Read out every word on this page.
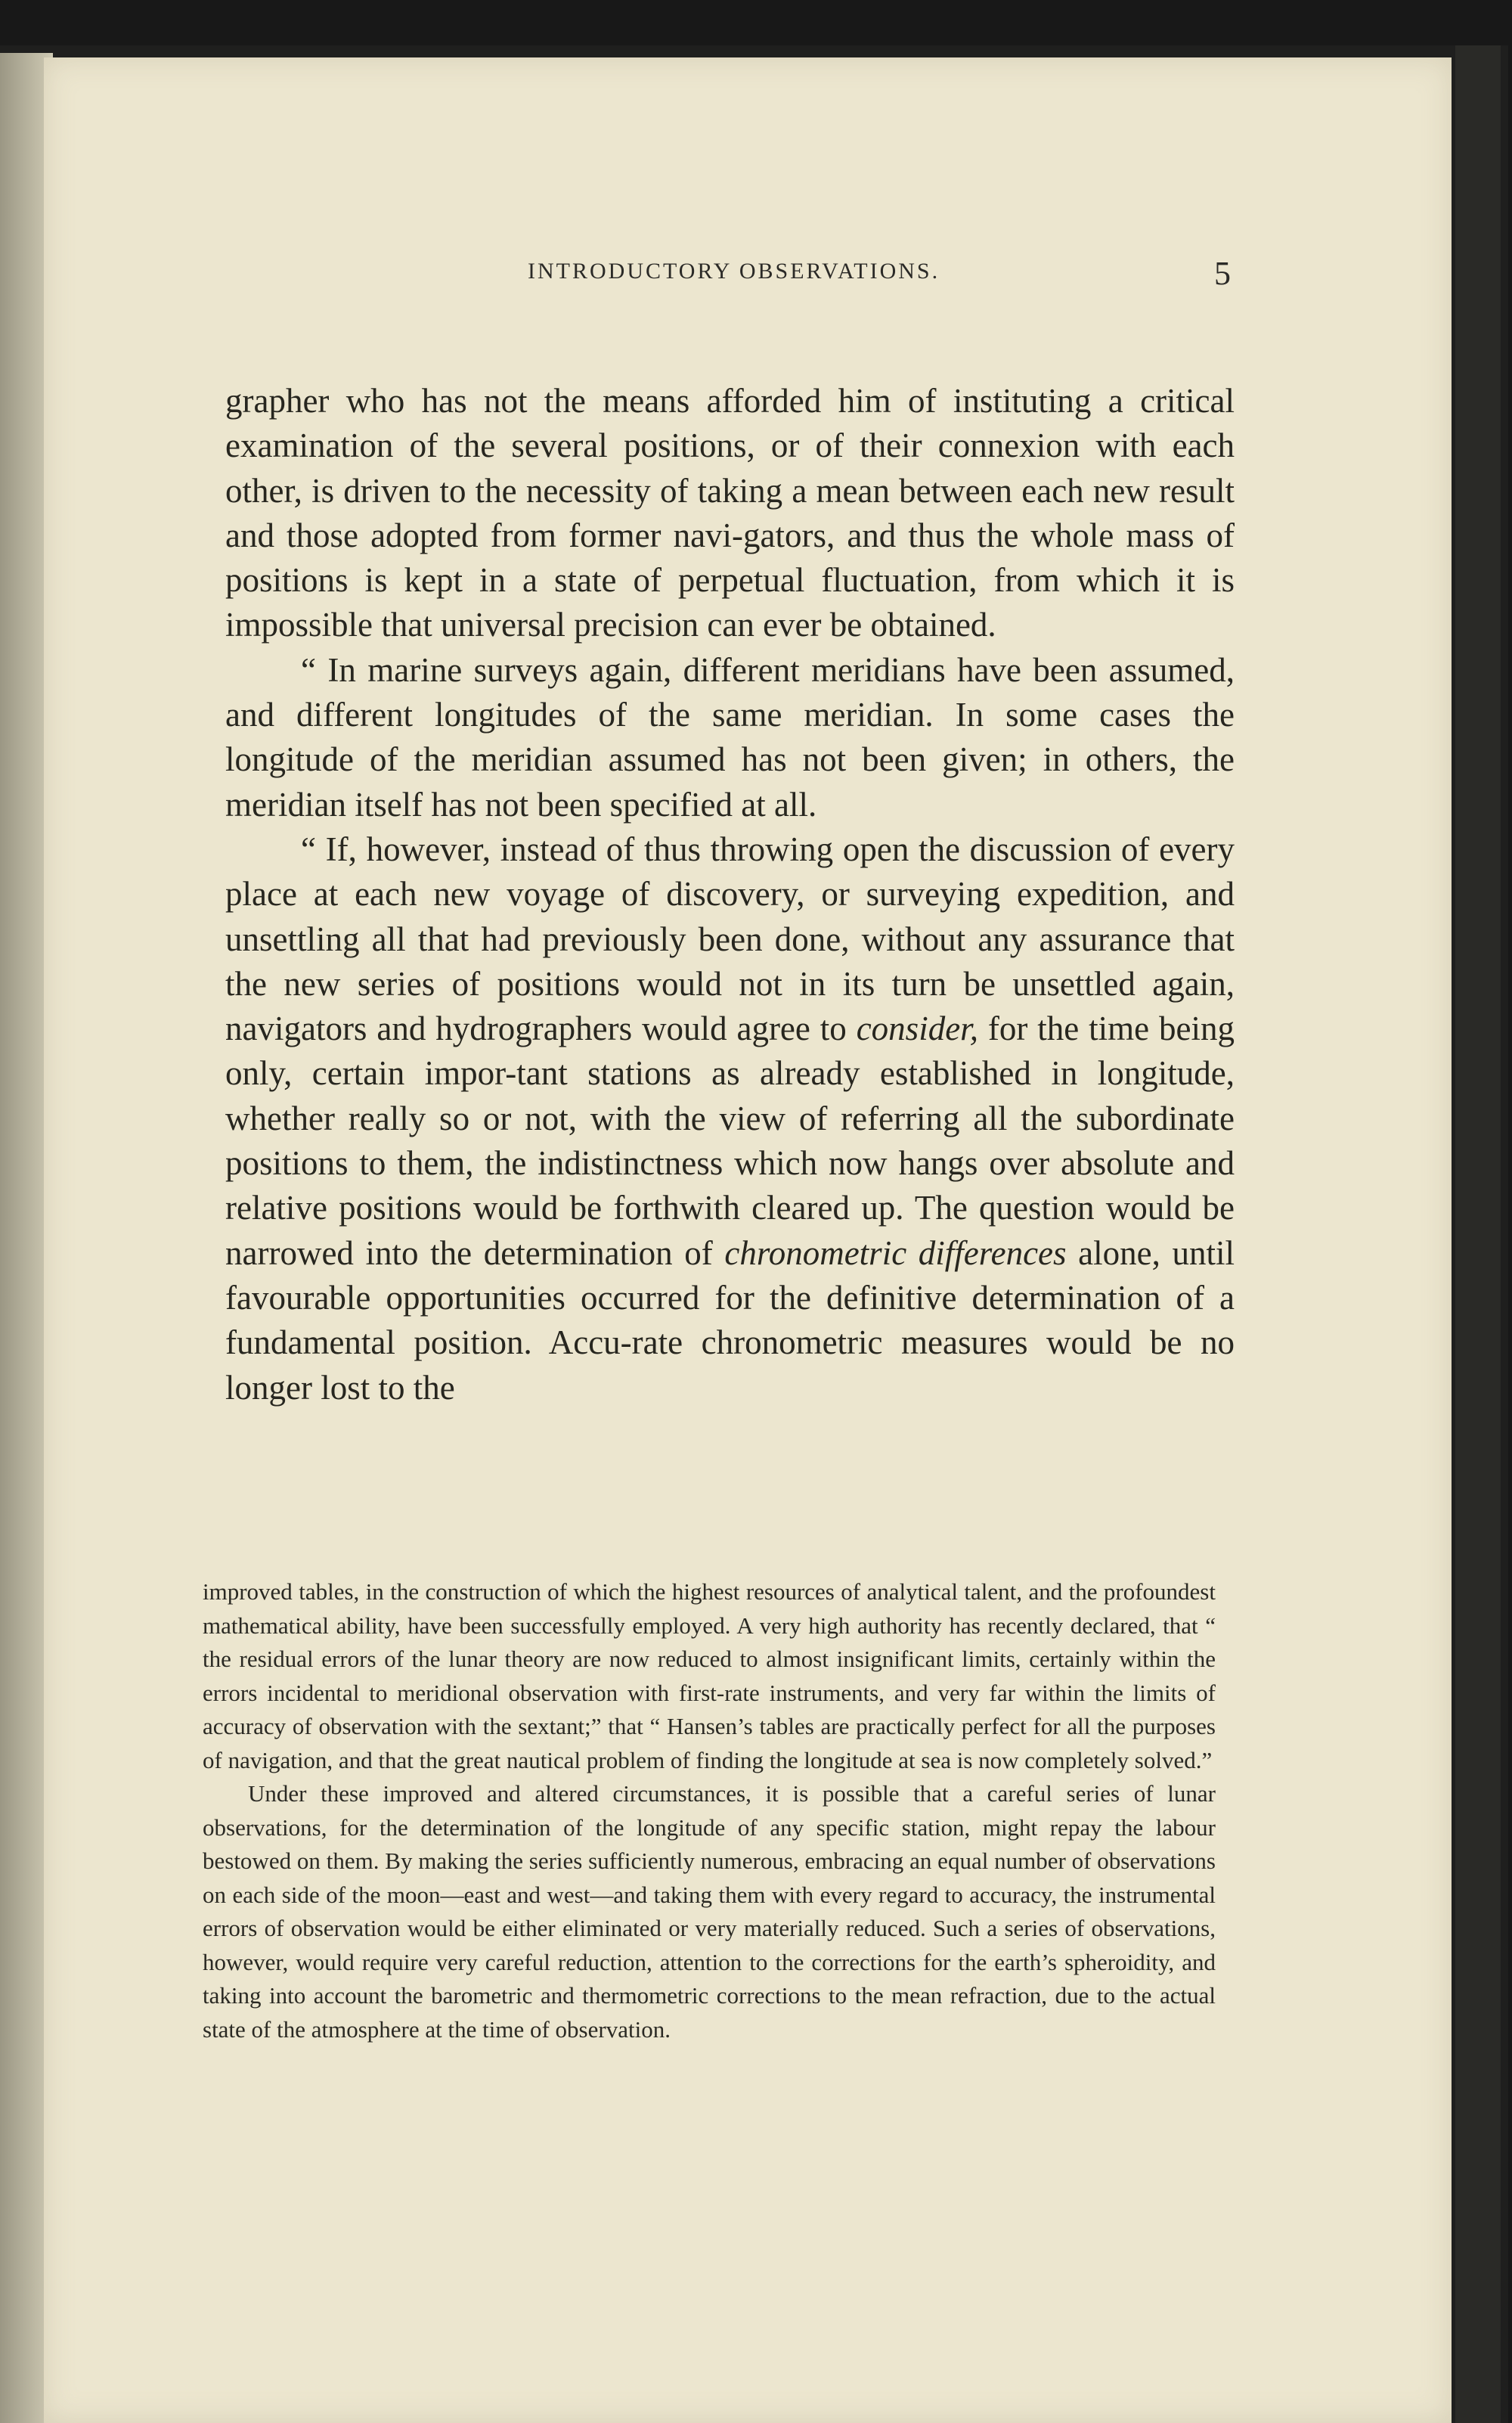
INTRODUCTORY OBSERVATIONS.	5

grapher who has not the means afforded him of instituting a critical examination of the several positions, or of their connexion with each other, is driven to the necessity of taking a mean between each new result and those adopted from former navi-gators, and thus the whole mass of positions is kept in a state of perpetual fluctuation, from which it is impossible that universal precision can ever be obtained.

“ In marine surveys again, different meridians have been assumed, and different longitudes of the same meridian. In some cases the longitude of the meridian assumed has not been given; in others, the meridian itself has not been specified at all.

“ If, however, instead of thus throwing open the discussion of every place at each new voyage of discovery, or surveying expedition, and unsettling all that had previously been done, without any assurance that the new series of positions would not in its turn be unsettled again, navigators and hydrographers would agree to consider, for the time being only, certain impor-tant stations as already established in longitude, whether really so or not, with the view of referring all the subordinate positions to them, the indistinctness which now hangs over absolute and relative positions would be forthwith cleared up. The question would be narrowed into the determination of chronometric differences alone, until favourable opportunities occurred for the definitive determination of a fundamental position. Accu-rate chronometric measures would be no longer lost to the

improved tables, in the construction of which the highest resources of analytical talent, and the profoundest mathematical ability, have been successfully employed. A very high authority has recently declared, that “ the residual errors of the lunar theory are now reduced to almost insignificant limits, certainly within the errors incidental to meridional observation with first-rate instruments, and very far within the limits of accuracy of observation with the sextant;” that “ Hansen’s tables are practically perfect for all the purposes of navigation, and that the great nautical problem of finding the longitude at sea is now completely solved.”

Under these improved and altered circumstances, it is possible that a careful series of lunar observations, for the determination of the longitude of any specific station, might repay the labour bestowed on them. By making the series sufficiently numerous, embracing an equal number of observations on each side of the moon—east and west—and taking them with every regard to accuracy, the instrumental errors of observation would be either eliminated or very materially reduced. Such a series of observations, however, would require very careful reduction, attention to the corrections for the earth’s spheroidity, and taking into account the barometric and thermometric corrections to the mean refraction, due to the actual state of the atmosphere at the time of observation.
